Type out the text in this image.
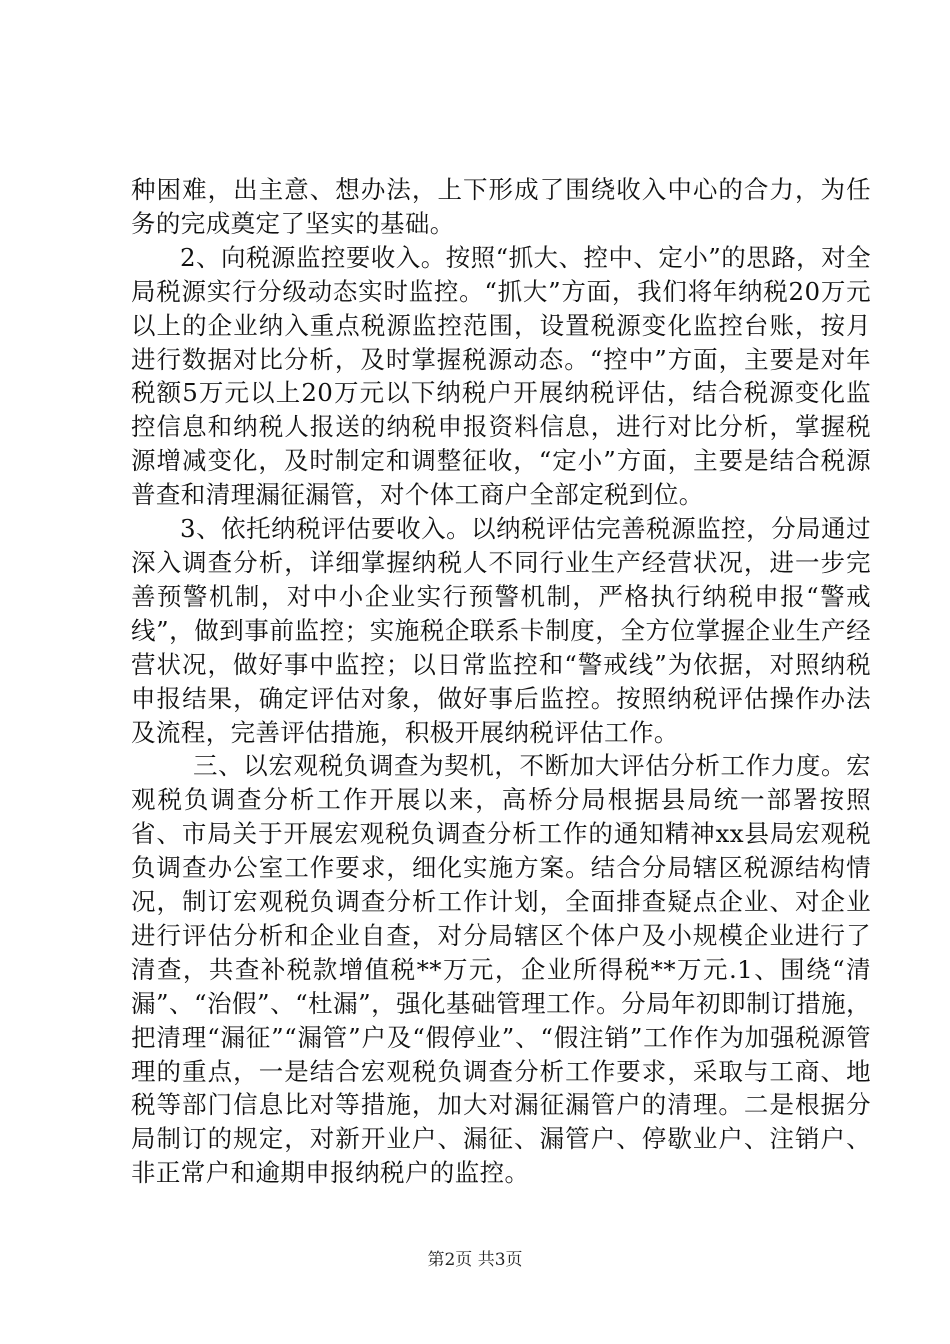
种困难，出主意、想办法，上下形成了围绕收入中心的合力，为任务的完成奠定了坚实的基础。

2、向税源监控要收入。按照“抓大、控中、定小”的思路，对全局税源实行分级动态实时监控。“抓大”方面，我们将年纳税20万元以上的企业纳入重点税源监控范围，设置税源变化监控台账，按月进行数据对比分析，及时掌握税源动态。“控中”方面，主要是对年税额5万元以上20万元以下纳税户开展纳税评估，结合税源变化监控信息和纳税人报送的纳税申报资料信息，进行对比分析，掌握税源增减变化，及时制定和调整征收，“定小”方面，主要是结合税源普查和清理漏征漏管，对个体工商户全部定税到位。

3、依托纳税评估要收入。以纳税评估完善税源监控，分局通过深入调查分析，详细掌握纳税人不同行业生产经营状况，进一步完善预警机制，对中小企业实行预警机制，严格执行纳税申报“警戒线”，做到事前监控；实施税企联系卡制度，全方位掌握企业生产经营状况，做好事中监控；以日常监控和“警戒线”为依据，对照纳税申报结果，确定评估对象，做好事后监控。按照纳税评估操作办法及流程，完善评估措施，积极开展纳税评估工作。

三、以宏观税负调查为契机，不断加大评估分析工作力度。宏观税负调查分析工作开展以来，高桥分局根据县局统一部署按照省、市局关于开展宏观税负调查分析工作的通知精神xx县局宏观税负调查办公室工作要求，细化实施方案。结合分局辖区税源结构情况，制订宏观税负调查分析工作计划，全面排查疑点企业、对企业进行评估分析和企业自查，对分局辖区个体户及小规模企业进行了清查，共查补税款增值税**万元，企业所得税**万元.1、围绕“清漏”、“治假”、“杜漏”，强化基础管理工作。分局年初即制订措施，把清理“漏征”“漏管”户及“假停业”、“假注销”工作作为加强税源管理的重点，一是结合宏观税负调查分析工作要求，采取与工商、地税等部门信息比对等措施，加大对漏征漏管户的清理。二是根据分局制订的规定，对新开业户、漏征、漏管户、停歇业户、注销户、非正常户和逾期申报纳税户的监控。

第2页 共3页
